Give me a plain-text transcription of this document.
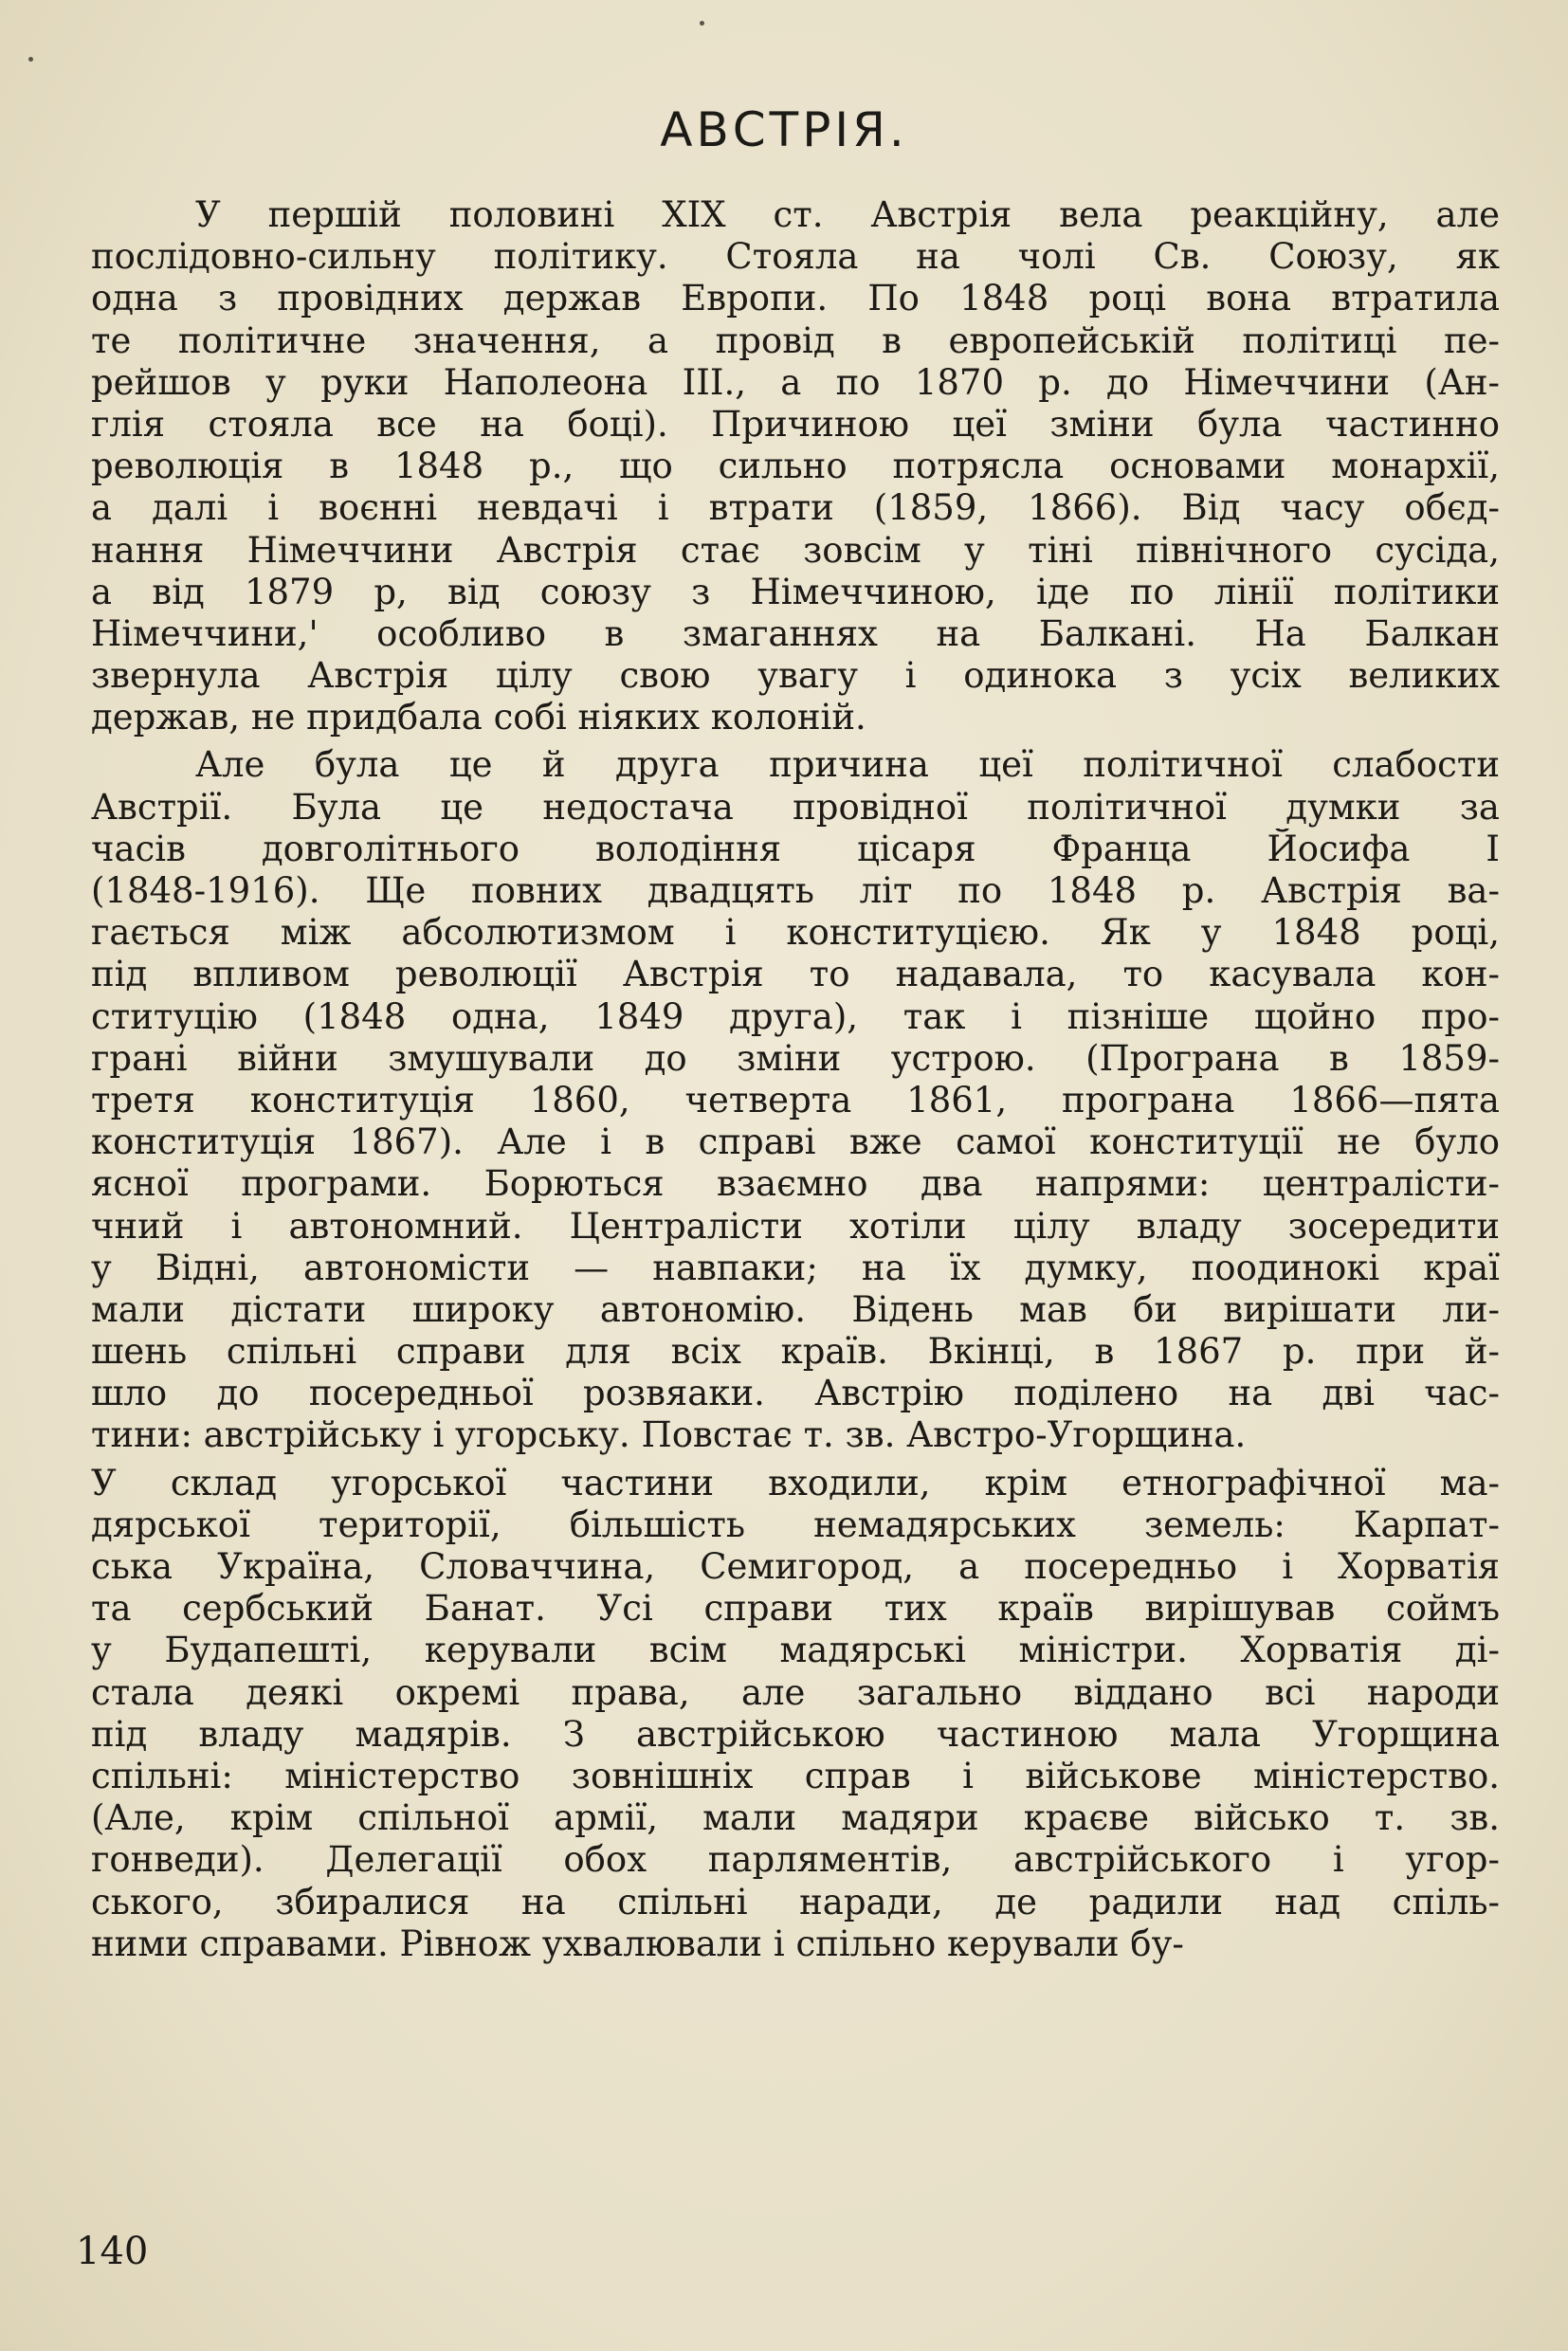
АВСТРІЯ.
У першій половині XIX ст. Австрія вела реакційну, але
послідовно-сильну політику. Стояла на чолі Св. Союзу, як
одна з провідних держав Европи. По 1848 році вона втратила
те політичне значення, а провід в европейській політиці пе-
рейшов у руки Наполеона III., а по 1870 р. до Німеччини (Ан-
глія стояла все на боці). Причиною цеї зміни була частинно
революція в 1848 р., що сильно потрясла основами монархії,
а далі і воєнні невдачі і втрати (1859, 1866). Від часу обєд-
нання Німеччини Австрія стає зовсім у тіні північного сусіда,
а від 1879 р, від союзу з Німеччиною, іде по лінії політики
Німеччини,' особливо в змаганнях на Балкані. На Балкан
звернула Австрія цілу свою увагу і одинока з усіх великих
держав, не придбала собі ніяких колоній.
Але була це й друга причина цеї політичної слабости
Австрії. Була це недостача провідної політичної думки за
часів довголітнього володіння цісаря Франца Йосифа I
(1848-1916). Ще повних двадцять літ по 1848 р. Австрія ва-
гається між абсолютизмом і конституцією. Як у 1848 році,
під впливом революції Австрія то надавала, то касувала кон-
ституцію (1848 одна, 1849 друга), так і пізніше щойно про-
грані війни змушували до зміни устрою. (Програна в 1859-
третя конституція 1860, четверта 1861, програна 1866—пята
конституція 1867). Але і в справі вже самої конституції не було
ясної програми. Борються взаємно два напрями: централісти-
чний і автономний. Централісти хотіли цілу владу зосередити
у Відні, автономісти — навпаки; на їх думку, поодинокі краї
мали дістати широку автономію. Відень мав би вирішати ли-
шень спільні справи для всіх країв. Вкінці, в 1867 р. при й-
шло до посередньої розвяаки. Австрію поділено на дві час-
тини: австрійську і угорську. Повстає т. зв. Австро-Угорщина.
У склад угорської частини входили, крім етнографічної ма-
дярської території, більшість немадярських земель: Карпат-
ська Україна, Словаччина, Семигород, а посередньо і Хорватія
та сербський Банат. Усі справи тих країв вирішував соймъ
у Будапешті, керували всім мадярські міністри. Хорватія ді-
стала деякі окремі права, але загально віддано всі народи
під владу мадярів. З австрійською частиною мала Угорщина
спільні: міністерство зовнішніх справ і військове міністерство.
(Але, крім спільної армії, мали мадяри краєве військо т. зв.
гонведи). Делегації обох парляментів, австрійського і угор-
ського, збиралися на спільні наради, де радили над спіль-
ними справами. Рівнож ухвалювали і спільно керували бу-
140
